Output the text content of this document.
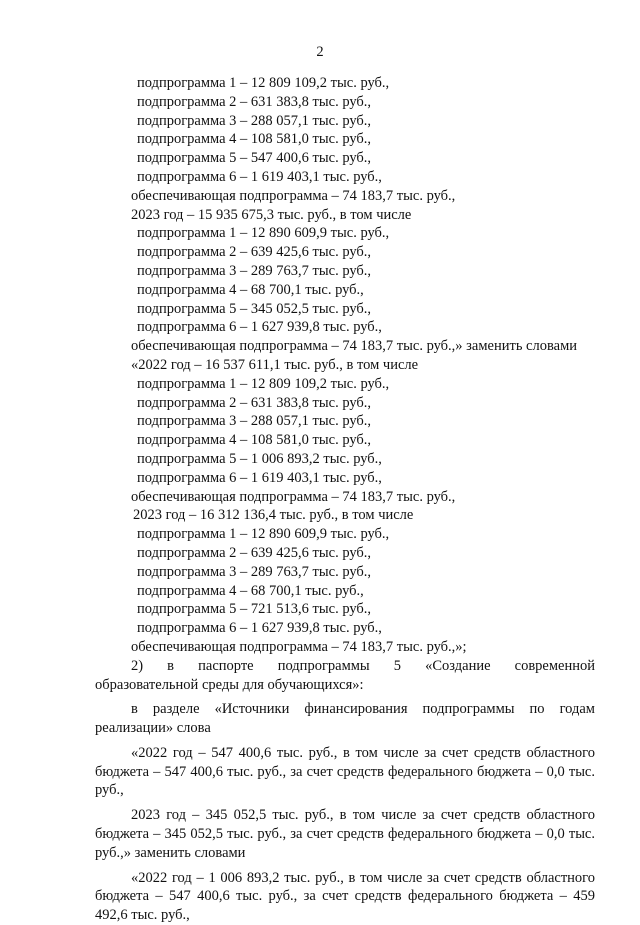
2
подпрограмма 1 – 12 809 109,2 тыс. руб.,
подпрограмма 2 – 631 383,8 тыс. руб.,
подпрограмма 3 – 288 057,1 тыс. руб.,
подпрограмма 4 – 108 581,0 тыс. руб.,
подпрограмма 5 – 547 400,6 тыс. руб.,
подпрограмма 6 – 1 619 403,1 тыс. руб.,
обеспечивающая подпрограмма – 74 183,7 тыс. руб.,
2023 год – 15 935 675,3 тыс. руб., в том числе
подпрограмма 1 – 12 890 609,9 тыс. руб.,
подпрограмма 2 – 639 425,6 тыс. руб.,
подпрограмма 3 – 289 763,7 тыс. руб.,
подпрограмма 4 – 68 700,1 тыс. руб.,
подпрограмма 5 – 345 052,5 тыс. руб.,
подпрограмма 6 – 1 627 939,8 тыс. руб.,
обеспечивающая подпрограмма – 74 183,7 тыс. руб.,» заменить словами
«2022 год – 16 537 611,1 тыс. руб., в том числе
подпрограмма 1 – 12 809 109,2 тыс. руб.,
подпрограмма 2 – 631 383,8 тыс. руб.,
подпрограмма 3 – 288 057,1 тыс. руб.,
подпрограмма 4 – 108 581,0 тыс. руб.,
подпрограмма 5 – 1 006 893,2 тыс. руб.,
подпрограмма 6 – 1 619 403,1 тыс. руб.,
обеспечивающая подпрограмма – 74 183,7 тыс. руб.,
2023 год – 16 312 136,4 тыс. руб., в том числе
подпрограмма 1 – 12 890 609,9 тыс. руб.,
подпрограмма 2 – 639 425,6 тыс. руб.,
подпрограмма 3 – 289 763,7 тыс. руб.,
подпрограмма 4 – 68 700,1 тыс. руб.,
подпрограмма 5 – 721 513,6 тыс. руб.,
подпрограмма 6 – 1 627 939,8 тыс. руб.,
обеспечивающая подпрограмма – 74 183,7 тыс. руб.,»;

2) в паспорте подпрограммы 5 «Создание современной

образовательной среды для обучающихся»:

в разделе «Источники финансирования подпрограммы по годам реализации» слова

«2022 год – 547 400,6 тыс. руб., в том числе за счет средств областного бюджета – 547 400,6 тыс. руб., за счет средств федерального бюджета – 0,0 тыс. руб.,

2023 год – 345 052,5 тыс. руб., в том числе за счет средств областного бюджета – 345 052,5 тыс. руб., за счет средств федерального бюджета – 0,0 тыс. руб.,» заменить словами

«2022 год – 1 006 893,2 тыс. руб., в том числе за счет средств областного бюджета – 547 400,6 тыс. руб., за счет средств федерального бюджета – 459 492,6 тыс. руб.,
